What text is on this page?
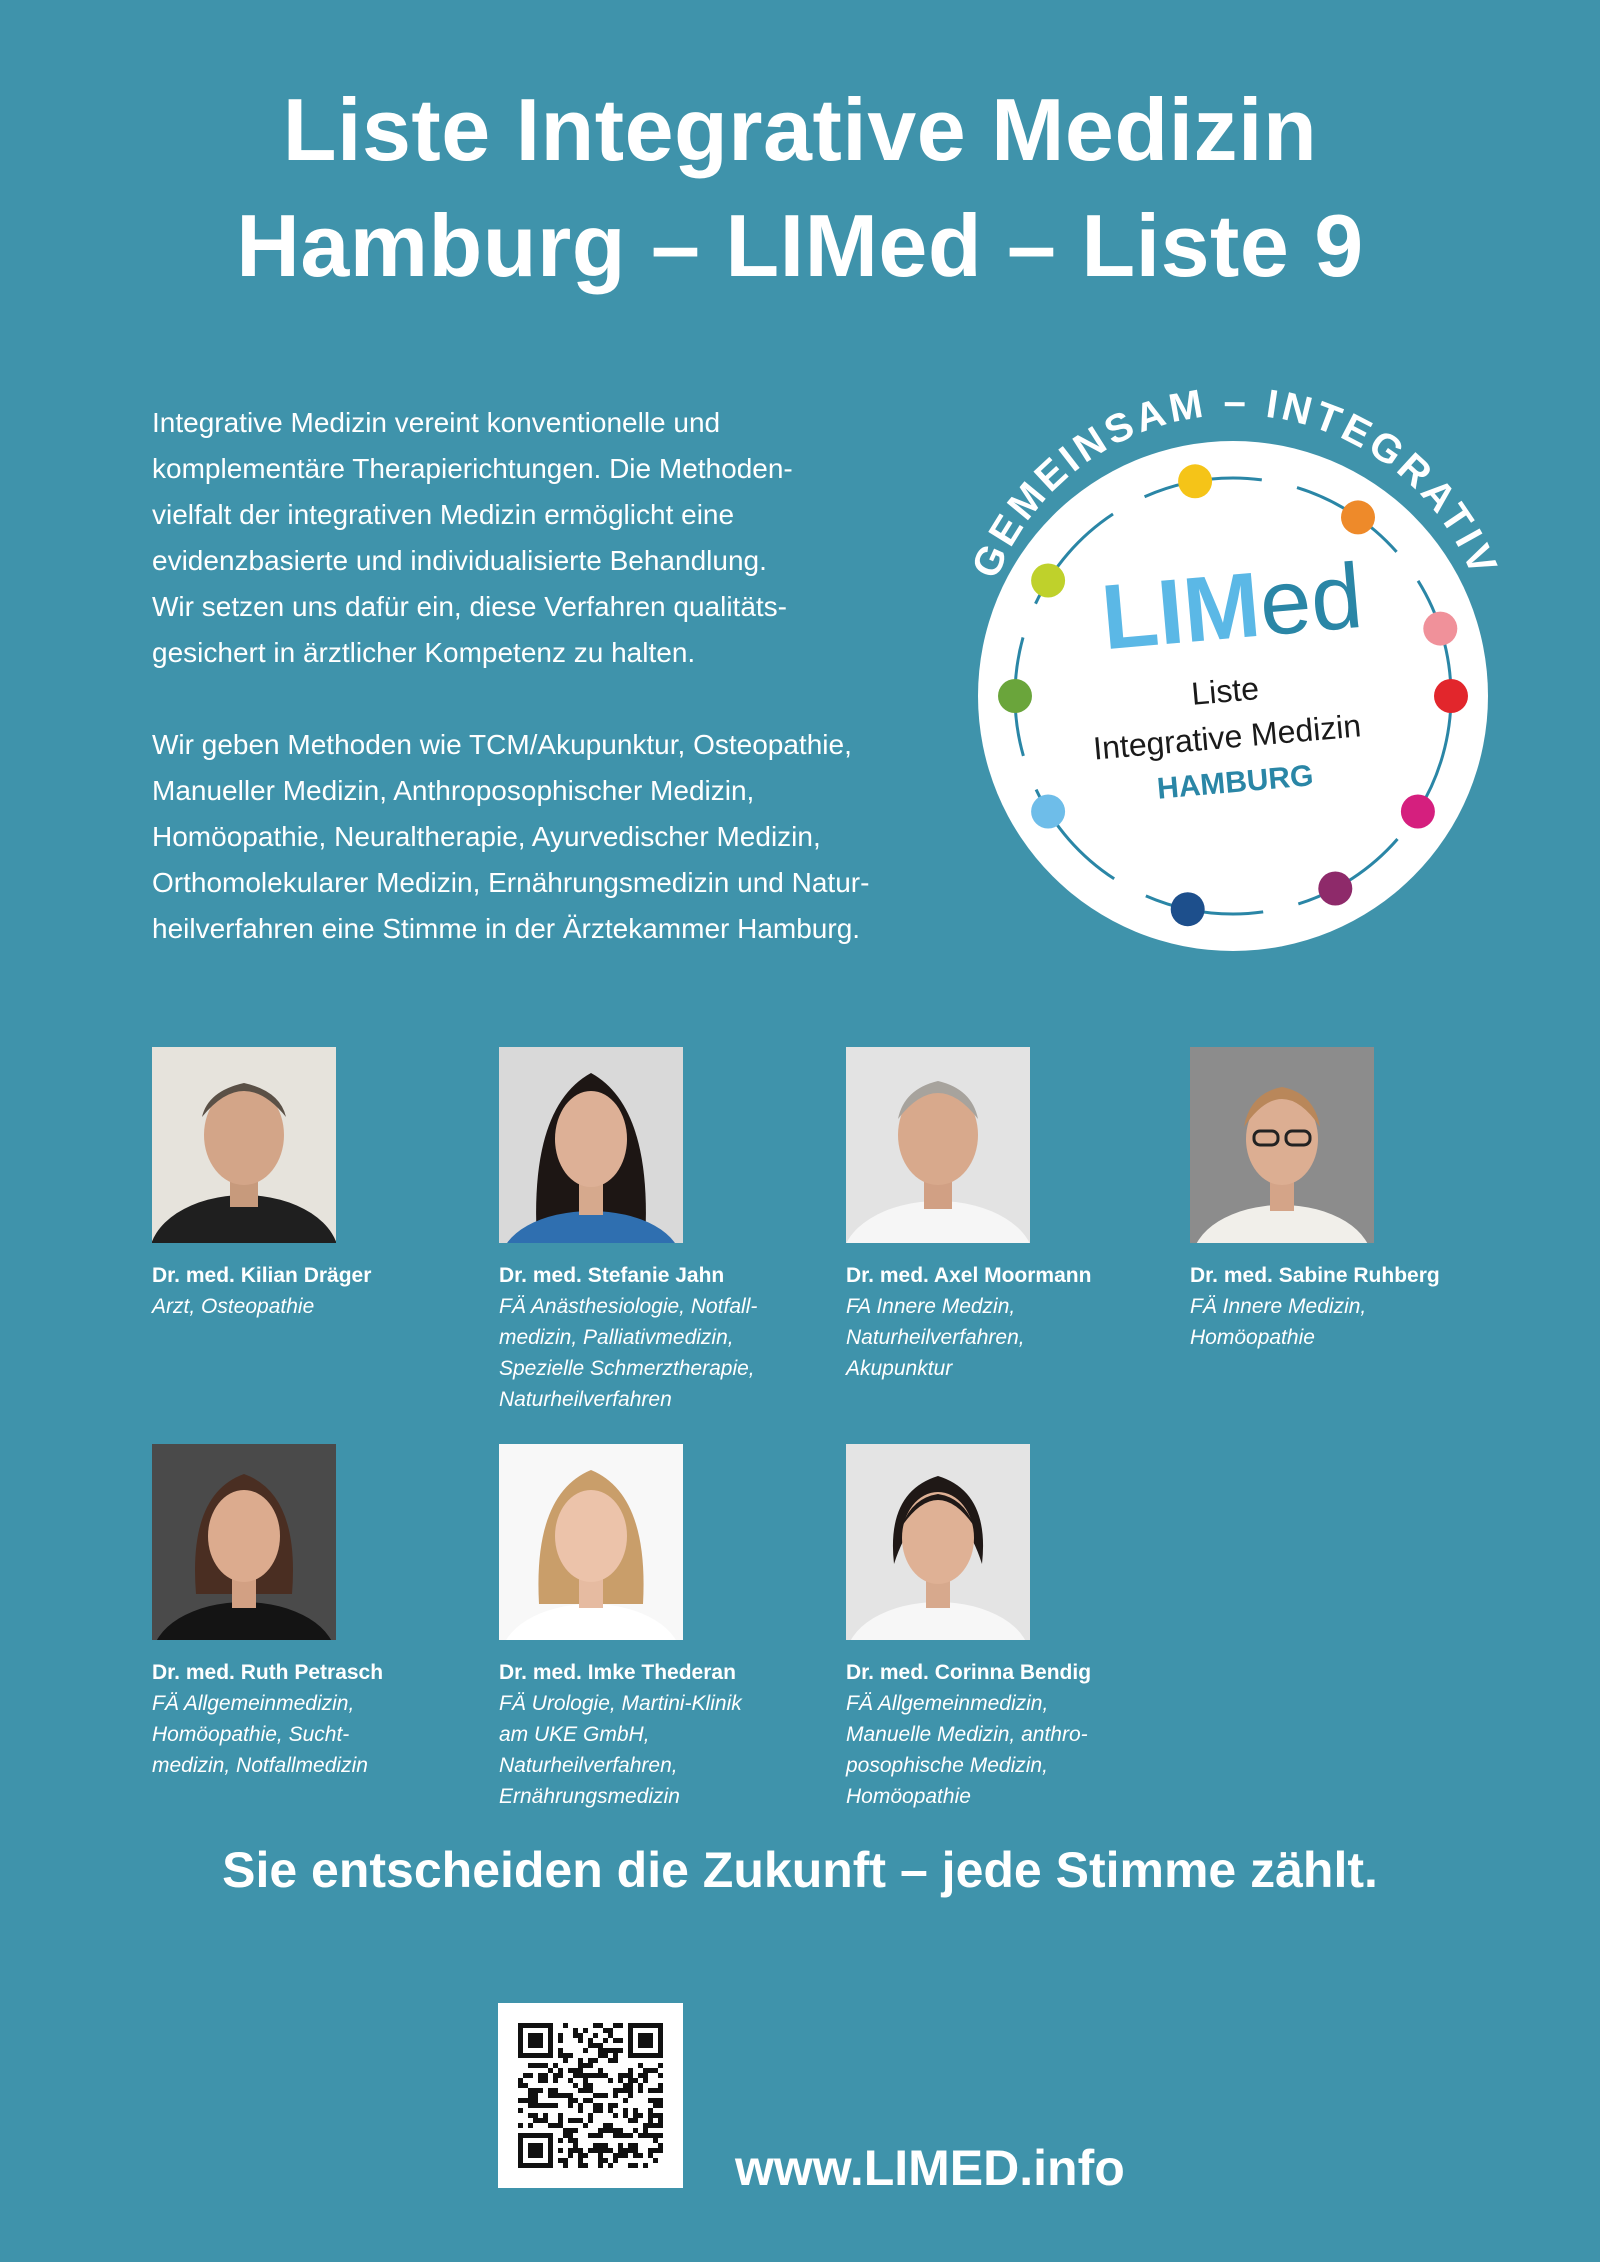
Liste Integrative Medizin
Hamburg – LIMed – Liste 9

Integrative Medizin vereint konventionelle und
komplementäre Therapierichtungen. Die Methoden-
vielfalt der integrativen Medizin ermöglicht eine
evidenzbasierte und individualisierte Behandlung.
Wir setzen uns dafür ein, diese Verfahren qualitäts-
gesichert in ärztlicher Kompetenz zu halten.

Wir geben Methoden wie TCM/Akupunktur, Osteopathie,
Manueller Medizin, Anthroposophischer Medizin,
Homöopathie, Neuraltherapie, Ayurvedischer Medizin,
Orthomolekularer Medizin, Ernährungsmedizin und Natur-
heilverfahren eine Stimme in der Ärztekammer Hamburg.

GEMEINSAM – INTEGRATIV
LIMed
Liste
Integrative Medizin
HAMBURG
Dr. med. Kilian Dräger
Arzt, Osteopathie
Dr. med. Stefanie Jahn
FÄ Anästhesiologie, Notfall-
medizin, Palliativmedizin,
Spezielle Schmerztherapie,
Naturheilverfahren
Dr. med. Axel Moormann
FA Innere Medzin,
Naturheilverfahren,
Akupunktur
Dr. med. Sabine Ruhberg
FÄ Innere Medizin,
Homöopathie
Dr. med. Ruth Petrasch
FÄ Allgemeinmedizin,
Homöopathie, Sucht-
medizin, Notfallmedizin
Dr. med. Imke Thederan
FÄ Urologie, Martini-Klinik
am UKE GmbH,
Naturheilverfahren,
Ernährungsmedizin
Dr. med. Corinna Bendig
FÄ Allgemeinmedizin,
Manuelle Medizin, anthro-
posophische Medizin,
Homöopathie
Sie entscheiden die Zukunft – jede Stimme zählt.
www.LIMED.info
